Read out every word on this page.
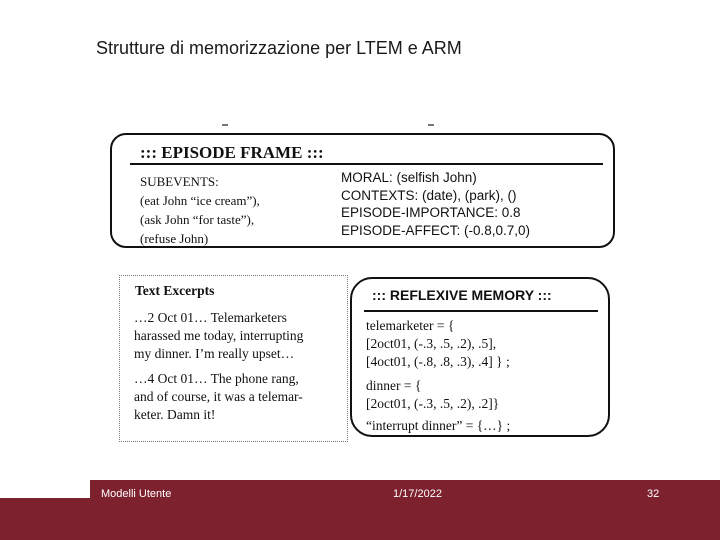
Strutture di memorizzazione per LTEM e ARM
::: EPISODE FRAME :::
SUBEVENTS:
(eat John “ice cream”),
(ask John “for taste”),
(refuse John)
MORAL: (selfish John)
CONTEXTS: (date), (park), ()
EPISODE-IMPORTANCE: 0.8
EPISODE-AFFECT: (-0.8,0.7,0)
Text Excerpts
…2 Oct 01… Telemarketers
harassed me today, interrupting
my dinner. I’m really upset…
…4 Oct 01… The phone rang,
and of course, it was a telemar-
keter. Damn it!
::: REFLEXIVE MEMORY :::
telemarketer = {
[2oct01, (-.3, .5, .2), .5],
[4oct01, (-.8, .8, .3), .4] } ;
dinner = {
[2oct01, (-.3, .5, .2), .2]}
“interrupt dinner” = {…} ;
Modelli Utente	1/17/2022	32
